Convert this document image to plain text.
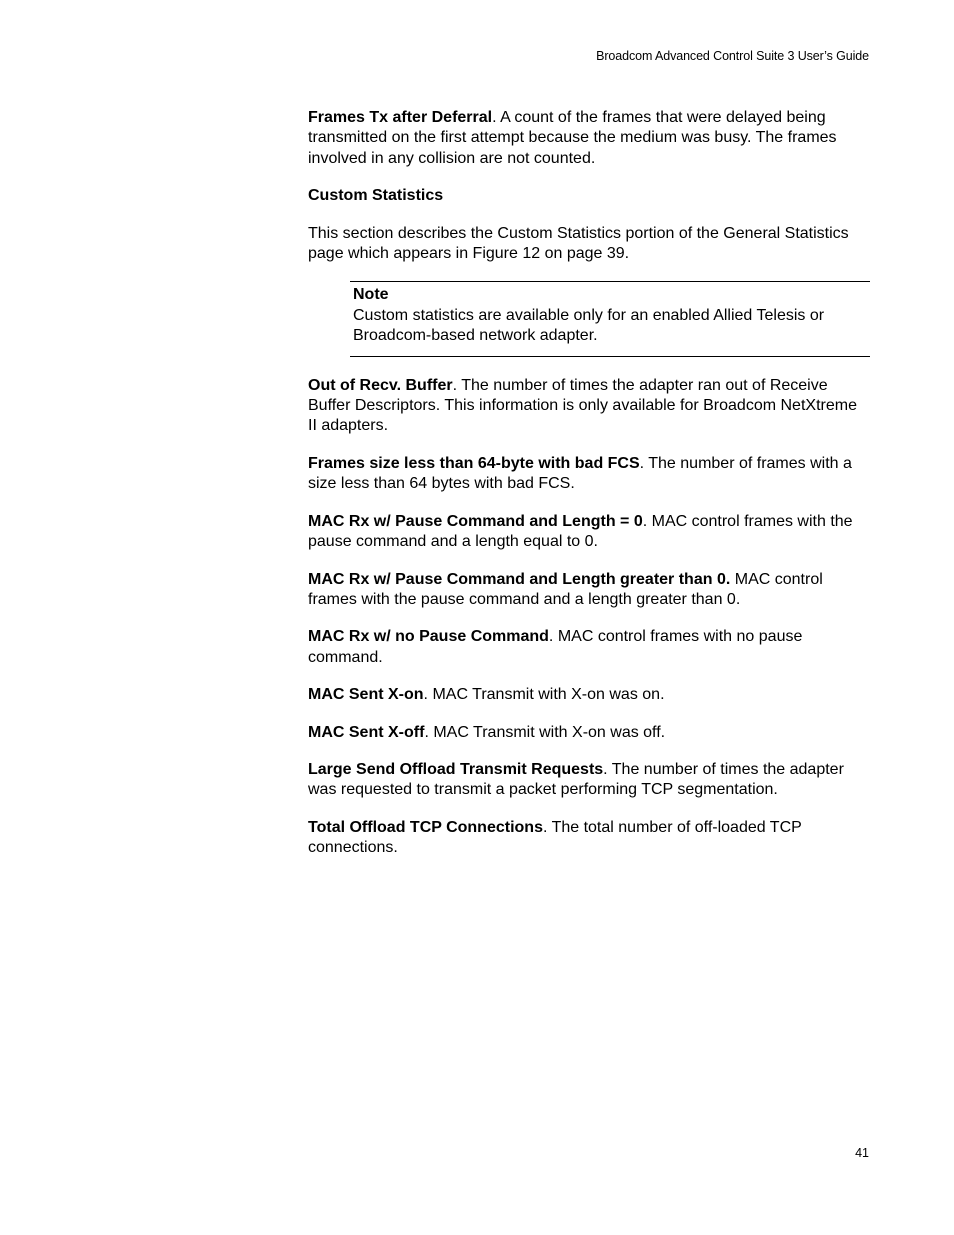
Broadcom Advanced Control Suite 3 User’s Guide

Frames Tx after Deferral. A count of the frames that were delayed being transmitted on the first attempt because the medium was busy. The frames involved in any collision are not counted.

Custom Statistics

This section describes the Custom Statistics portion of the General Statistics page which appears in Figure 12 on page 39.

Note
Custom statistics are available only for an enabled Allied Telesis or Broadcom-based network adapter.

Out of Recv. Buffer. The number of times the adapter ran out of Receive Buffer Descriptors. This information is only available for Broadcom NetXtreme II adapters.

Frames size less than 64-byte with bad FCS. The number of frames with a size less than 64 bytes with bad FCS.

MAC Rx w/ Pause Command and Length = 0. MAC control frames with the pause command and a length equal to 0.

MAC Rx w/ Pause Command and Length greater than 0. MAC control frames with the pause command and a length greater than 0.

MAC Rx w/ no Pause Command. MAC control frames with no pause command.

MAC Sent X-on. MAC Transmit with X-on was on.

MAC Sent X-off. MAC Transmit with X-on was off.

Large Send Offload Transmit Requests. The number of times the adapter was requested to transmit a packet performing TCP segmentation.

Total Offload TCP Connections. The total number of off-loaded TCP connections.

41
